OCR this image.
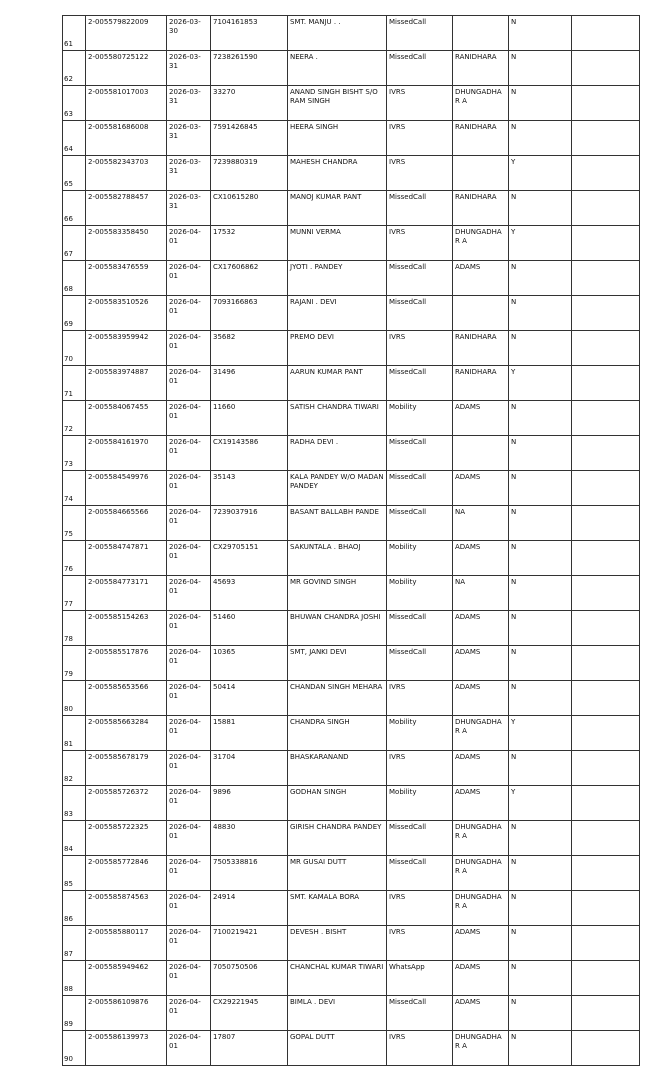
61	2-005579822009	2026-03-30	7104161853	SMT. MANJU . .	MissedCall		N	
62	2-005580725122	2026-03-31	7238261590	NEERA .	MissedCall	RANIDHARA	N	
63	2-005581017003	2026-03-31	33270	ANAND SINGH BISHT S/O RAM SINGH	IVRS	DHUNGADHAR A	N	
64	2-005581686008	2026-03-31	7591426845	HEERA SINGH	IVRS	RANIDHARA	N	
65	2-005582343703	2026-03-31	7239880319	MAHESH CHANDRA	IVRS		Y	
66	2-005582788457	2026-03-31	CX10615280	MANOJ KUMAR PANT	MissedCall	RANIDHARA	N	
67	2-005583358450	2026-04-01	17532	MUNNI VERMA	IVRS	DHUNGADHAR A	Y	
68	2-005583476559	2026-04-01	CX17606862	JYOTI . PANDEY	MissedCall	ADAMS	N	
69	2-005583510526	2026-04-01	7093166863	RAJANI . DEVI	MissedCall		N	
70	2-005583959942	2026-04-01	35682	PREMO DEVI	IVRS	RANIDHARA	N	
71	2-005583974887	2026-04-01	31496	AARUN KUMAR PANT	MissedCall	RANIDHARA	Y	
72	2-005584067455	2026-04-01	11660	SATISH CHANDRA TIWARI	Mobility	ADAMS	N	
73	2-005584161970	2026-04-01	CX19143586	RADHA DEVI .	MissedCall		N	
74	2-005584549976	2026-04-01	35143	KALA PANDEY W/O MADAN PANDEY	MissedCall	ADAMS	N	
75	2-005584665566	2026-04-01	7239037916	BASANT BALLABH PANDE	MissedCall	NA	N	
76	2-005584747871	2026-04-01	CX29705151	SAKUNTALA . BHAOJ	Mobility	ADAMS	N	
77	2-005584773171	2026-04-01	45693	MR GOVIND SINGH	Mobility	NA	N	
78	2-005585154263	2026-04-01	51460	BHUWAN CHANDRA JOSHI	MissedCall	ADAMS	N	
79	2-005585517876	2026-04-01	10365	SMT, JANKI DEVI	MissedCall	ADAMS	N	
80	2-005585653566	2026-04-01	50414	CHANDAN SINGH MEHARA	IVRS	ADAMS	N	
81	2-005585663284	2026-04-01	15881	CHANDRA SINGH	Mobility	DHUNGADHAR A	Y	
82	2-005585678179	2026-04-01	31704	BHASKARANAND	IVRS	ADAMS	N	
83	2-005585726372	2026-04-01	9896	GODHAN SINGH	Mobility	ADAMS	Y	
84	2-005585722325	2026-04-01	48830	GIRISH CHANDRA PANDEY	MissedCall	DHUNGADHAR A	N	
85	2-005585772846	2026-04-01	7505338816	MR GUSAI DUTT	MissedCall	DHUNGADHAR A	N	
86	2-005585874563	2026-04-01	24914	SMT. KAMALA BORA	IVRS	DHUNGADHAR A	N	
87	2-005585880117	2026-04-01	7100219421	DEVESH . BISHT	IVRS	ADAMS	N	
88	2-005585949462	2026-04-01	7050750506	CHANCHAL KUMAR TIWARI	WhatsApp	ADAMS	N	
89	2-005586109876	2026-04-01	CX29221945	BIMLA . DEVI	MissedCall	ADAMS	N	
90	2-005586139973	2026-04-01	17807	GOPAL DUTT	IVRS	DHUNGADHAR A	N	
